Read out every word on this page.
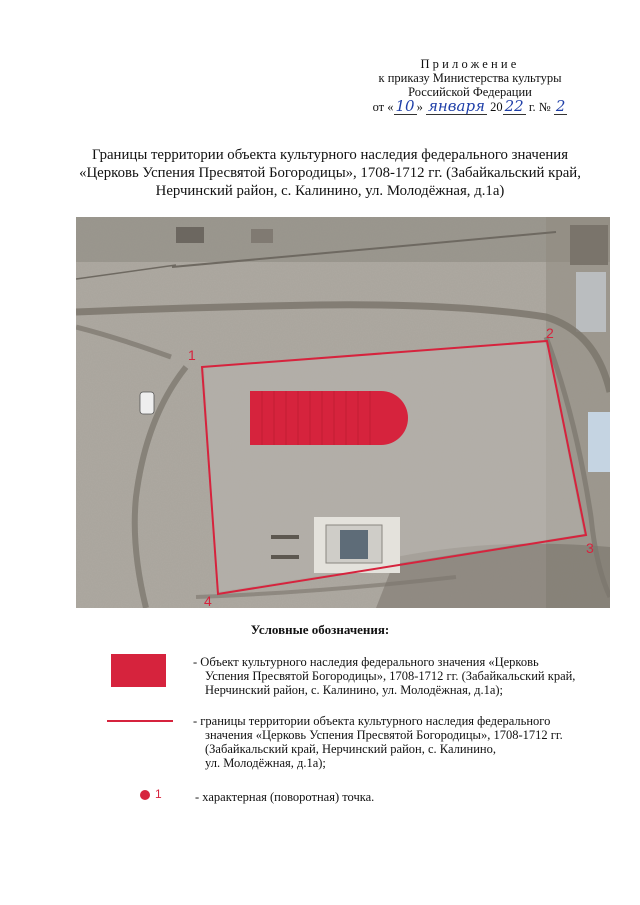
Приложение
к приказу Министерства культуры
Российской Федерации
от « 10 » января 20 22 г. № 2
Границы территории объекта культурного наследия федерального значения
«Церковь Успения Пресвятой Богородицы», 1708-1712 гг. (Забайкальский край,
Нерчинский район, с. Калинино, ул. Молодёжная, д.1а)
1
2
3
4
Условные обозначения:
- Объект культурного наследия федерального значения «Церковь
Успения Пресвятой Богородицы», 1708-1712 гг. (Забайкальский край,
Нерчинский район, с. Калинино, ул. Молодёжная, д.1а);
- границы территории объекта культурного наследия федерального
значения «Церковь Успения Пресвятой Богородицы», 1708-1712 гг.
(Забайкальский край, Нерчинский район, с. Калинино,
ул. Молодёжная, д.1а);
1	- характерная (поворотная) точка.
